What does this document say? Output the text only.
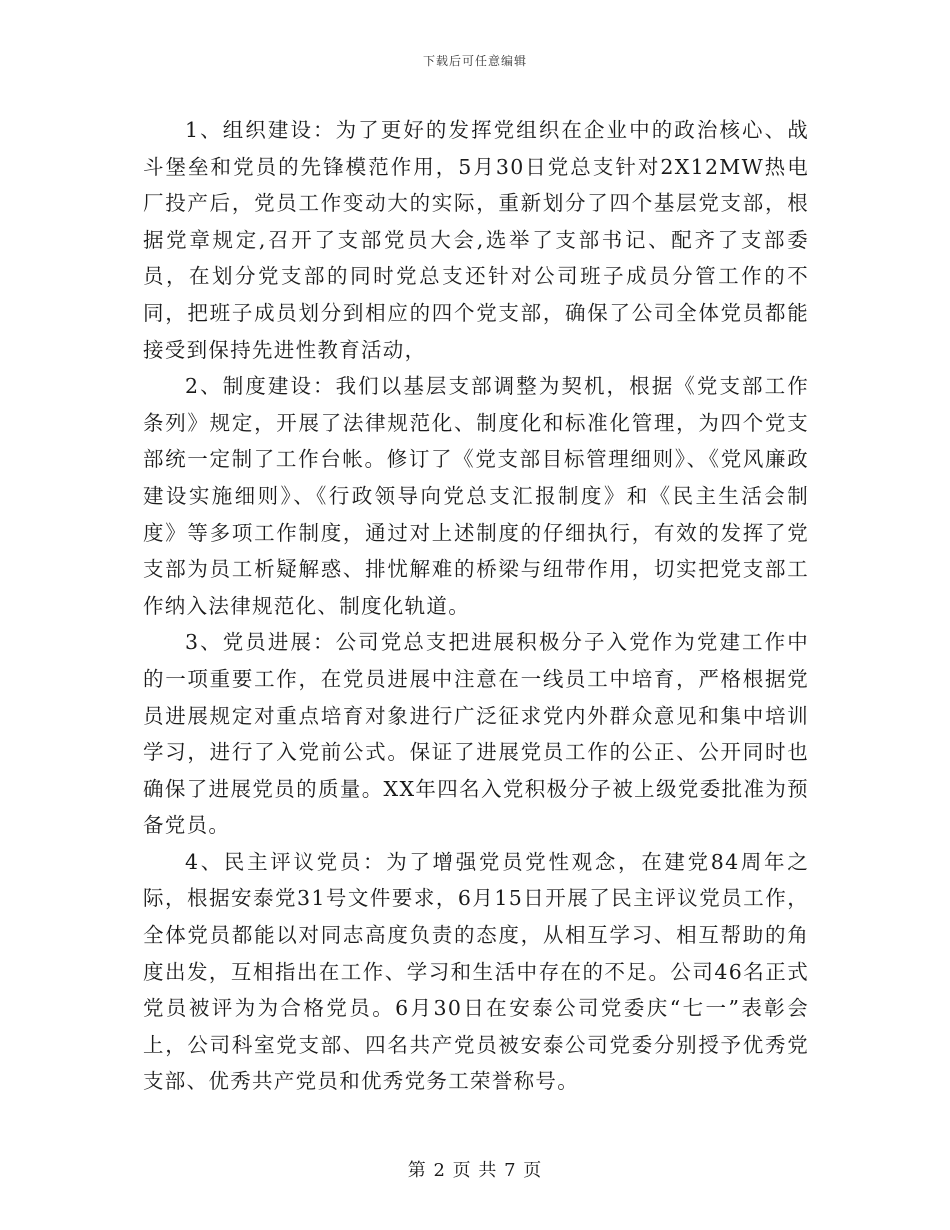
下载后可任意编辑

1、组织建设：为了更好的发挥党组织在企业中的政治核心、战斗堡垒和党员的先锋模范作用，5月30日党总支针对2X12MW热电厂投产后，党员工作变动大的实际，重新划分了四个基层党支部，根据党章规定,召开了支部党员大会,选举了支部书记、配齐了支部委员，在划分党支部的同时党总支还针对公司班子成员分管工作的不同，把班子成员划分到相应的四个党支部，确保了公司全体党员都能接受到保持先进性教育活动，

2、制度建设：我们以基层支部调整为契机，根据《党支部工作条列》规定，开展了法律规范化、制度化和标准化管理，为四个党支部统一定制了工作台帐。修订了《党支部目标管理细则》、《党风廉政建设实施细则》、《行政领导向党总支汇报制度》和《民主生活会制度》等多项工作制度，通过对上述制度的仔细执行，有效的发挥了党支部为员工析疑解惑、排忧解难的桥梁与纽带作用，切实把党支部工作纳入法律规范化、制度化轨道。

3、党员进展：公司党总支把进展积极分子入党作为党建工作中的一项重要工作，在党员进展中注意在一线员工中培育，严格根据党员进展规定对重点培育对象进行广泛征求党内外群众意见和集中培训学习，进行了入党前公式。保证了进展党员工作的公正、公开同时也确保了进展党员的质量。XX年四名入党积极分子被上级党委批准为预备党员。

4、民主评议党员：为了增强党员党性观念，在建党84周年之际，根据安泰党31号文件要求，6月15日开展了民主评议党员工作，全体党员都能以对同志高度负责的态度，从相互学习、相互帮助的角度出发，互相指出在工作、学习和生活中存在的不足。公司46名正式党员被评为为合格党员。6月30日在安泰公司党委庆“七一”表彰会上，公司科室党支部、四名共产党员被安泰公司党委分别授予优秀党支部、优秀共产党员和优秀党务工荣誉称号。

第 2 页 共 7 页
